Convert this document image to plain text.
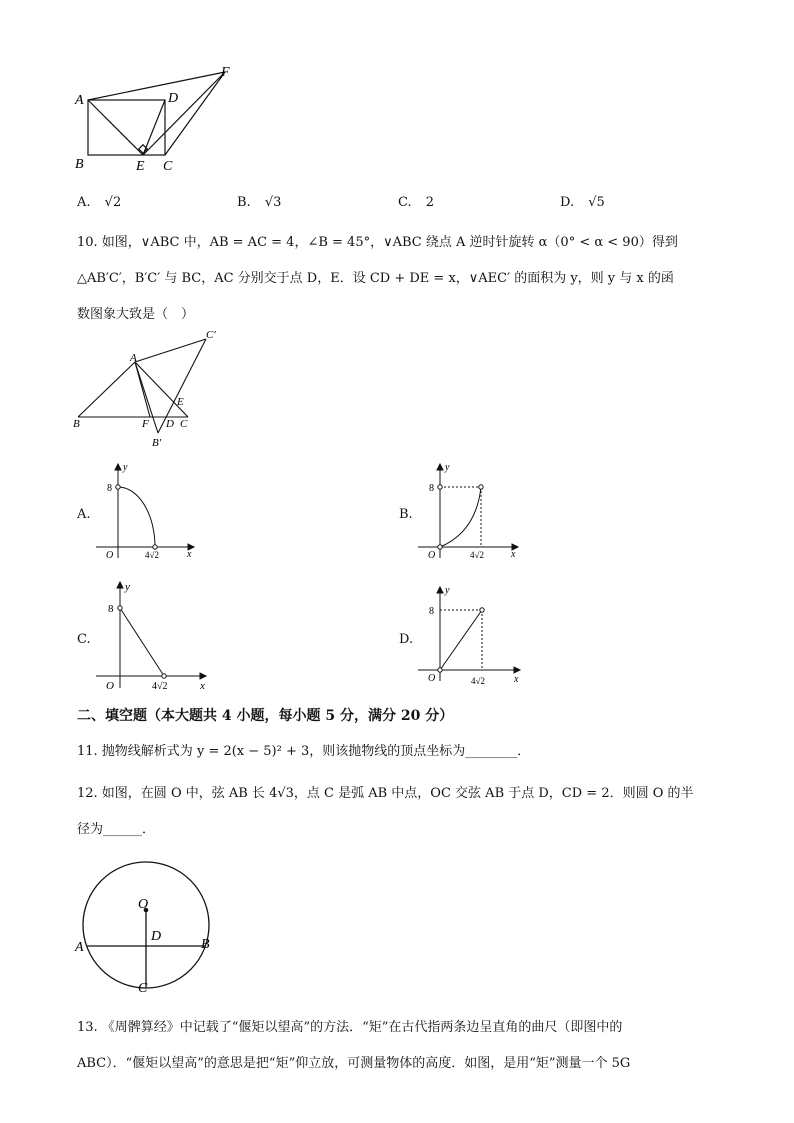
A	D
F
B	E C
A. √2	B. √3	C. 2	D. √5
10. 如图，∨ABC 中，AB = AC = 4，∠B = 45°，∨ABC 绕点 A 逆时针旋转 α（0° < α < 90）得到
△AB′C′，B′C′ 与 BC，AC 分别交于点 D，E．设 CD + DE = x，∨AEC′ 的面积为 y，则 y 与 x 的函
数图象大致是（　）
A
C′
B	F D C
E
B′
A.
y
8
O	4√2	x
B.
y
8
O	4√2	x
C.
y
8
O	4√2	x
D.
y
8
O	4√2	x
二、填空题（本大题共 4 小题，每小题 5 分，满分 20 分）
11. 抛物线解析式为 y = 2(x − 5)² + 3，则该抛物线的顶点坐标为________．
12. 如图，在圆 O 中，弦 AB 长 4√3，点 C 是弧 AB 中点，OC 交弦 AB 于点 D，CD = 2．则圆 O 的半
径为______．
O
A	B
D
C
13. 《周髀算经》中记载了“偃矩以望高”的方法．“矩”在古代指两条边呈直角的曲尺（即图中的
ABC）．“偃矩以望高”的意思是把“矩”仰立放，可测量物体的高度．如图，是用“矩”测量一个 5G
